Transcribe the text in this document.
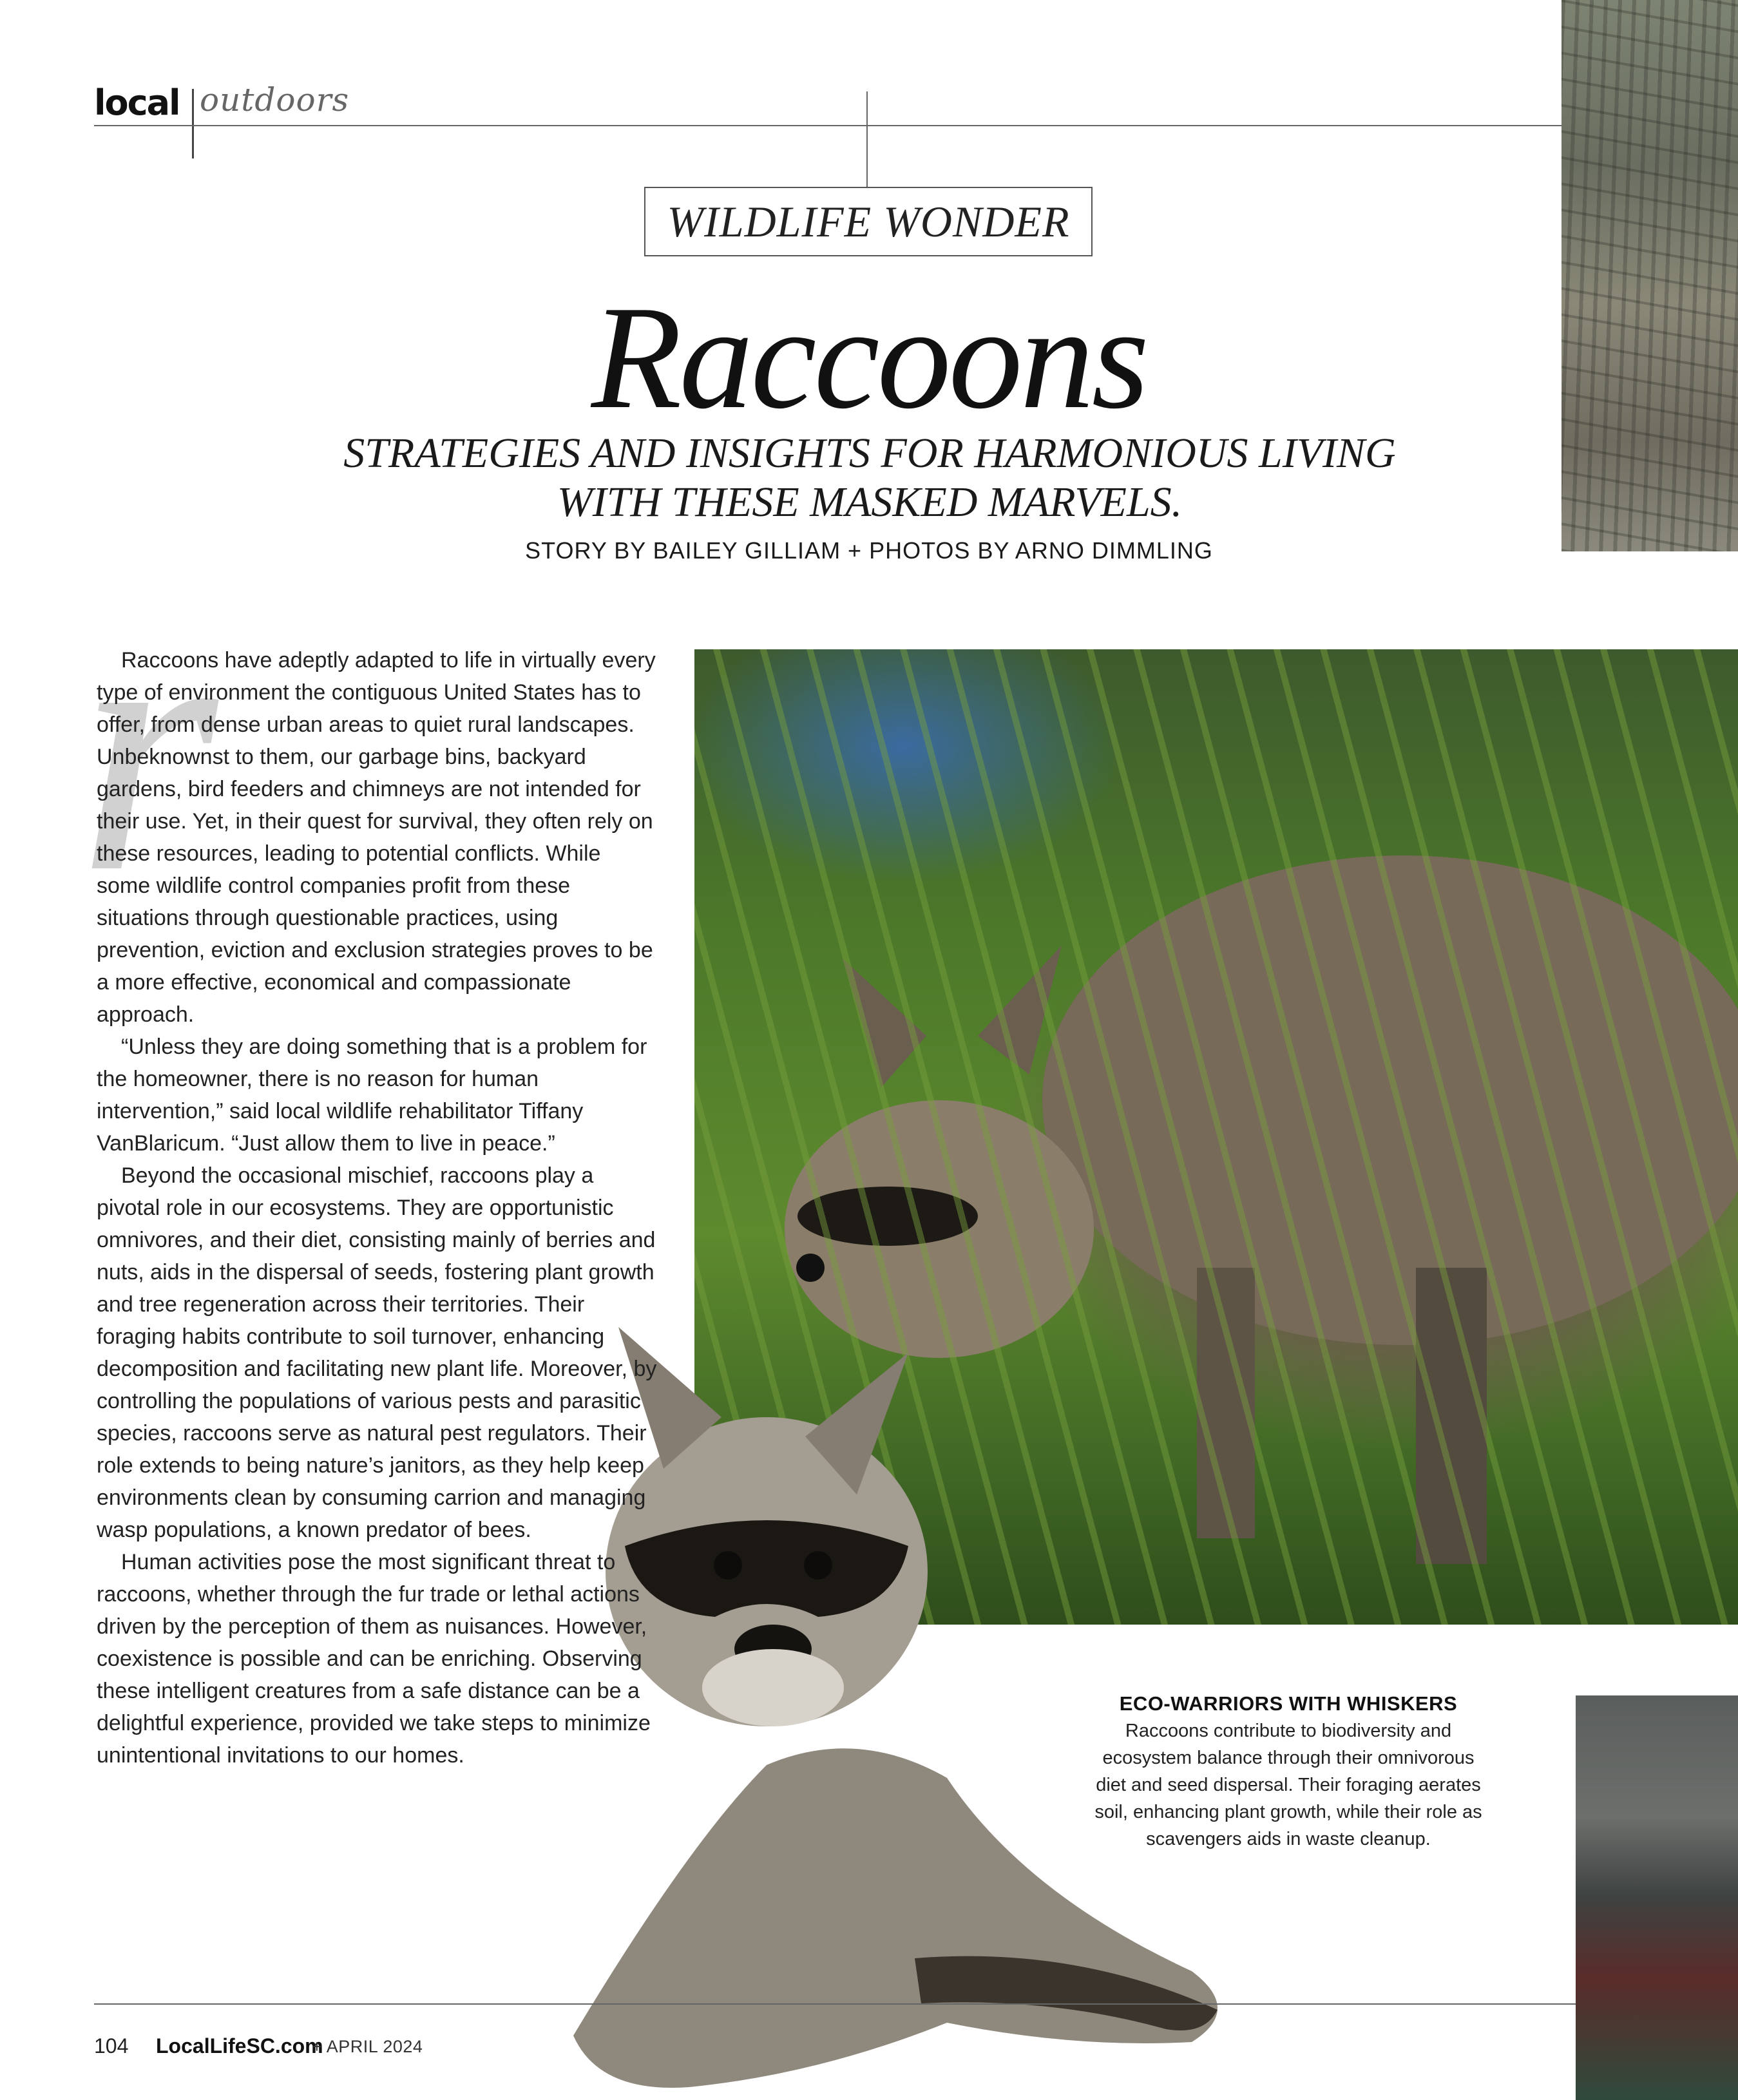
local outdoors
r
WILDLIFE WONDER
Raccoons
STRATEGIES AND INSIGHTS FOR HARMONIOUS LIVING WITH THESE MASKED MARVELS.
STORY BY BAILEY GILLIAM + PHOTOS BY ARNO DIMMLING

Raccoons have adeptly adapted to life in virtually every type of environment the contiguous United States has to offer, from dense urban areas to quiet rural landscapes. Unbeknownst to them, our garbage bins, backyard gardens, bird feeders and chimneys are not intended for their use. Yet, in their quest for survival, they often rely on these resources, leading to potential conflicts. While some wildlife control companies profit from these situations through questionable practices, using prevention, eviction and exclusion strategies proves to be a more effective, economical and compassionate approach.

“Unless they are doing something that is a problem for the homeowner, there is no reason for human intervention,” said local wildlife rehabilitator Tiffany VanBlaricum. “Just allow them to live in peace.”

Beyond the occasional mischief, raccoons play a pivotal role in our ecosystems. They are opportunistic omnivores, and their diet, consisting mainly of berries and nuts, aids in the dispersal of seeds, fostering plant growth and tree regeneration across their territories. Their foraging habits contribute to soil turnover, enhancing decomposition and facilitating new plant life. Moreover, by controlling the populations of various pests and parasitic species, raccoons serve as natural pest regulators. Their role extends to being nature’s janitors, as they help keep environments clean by consuming carrion and managing wasp populations, a known predator of bees.

Human activities pose the most significant threat to raccoons, whether through the fur trade or lethal actions driven by the perception of them as nuisances. However, coexistence is possible and can be enriching. Observing these intelligent creatures from a safe distance can be a delightful experience, provided we take steps to minimize unintentional invitations to our homes.

ECO-WARRIORS WITH WHISKERS
Raccoons contribute to biodiversity and ecosystem balance through their omnivorous diet and seed dispersal. Their foraging aerates soil, enhancing plant growth, while their role as scavengers aids in waste cleanup.
104 LocalLifeSC.com
+ APRIL 2024
